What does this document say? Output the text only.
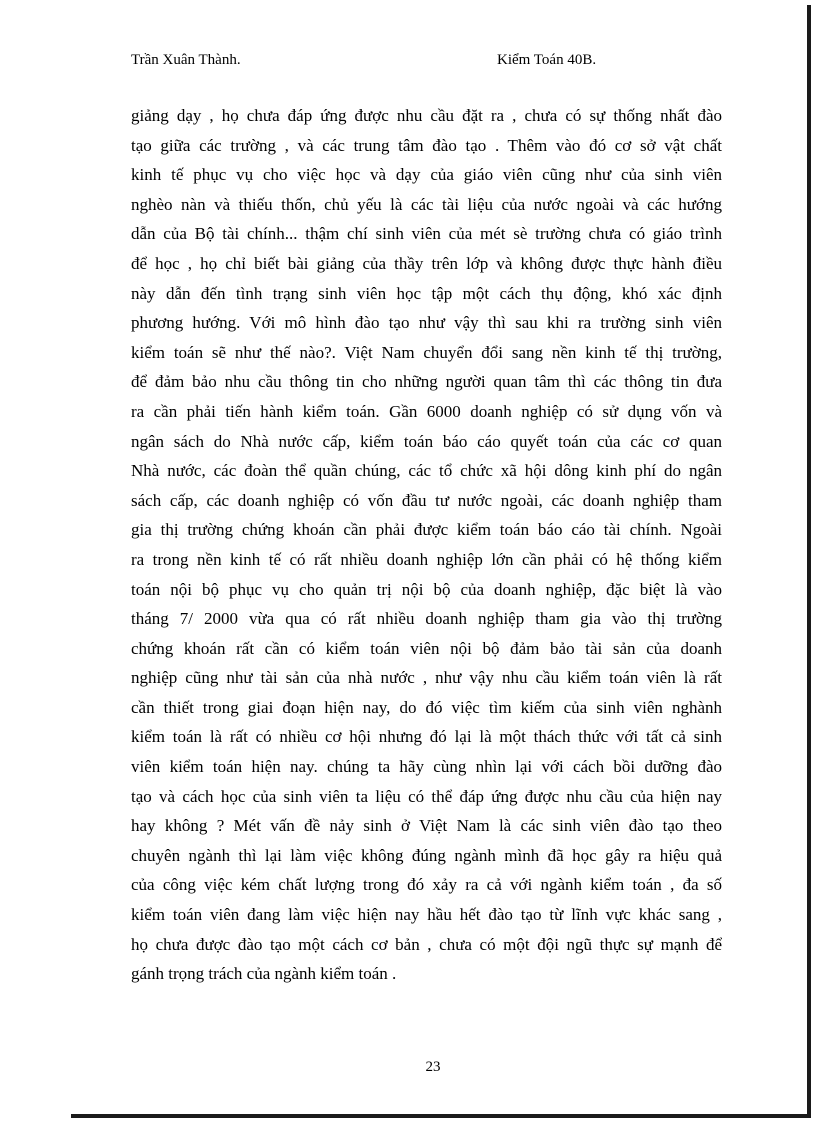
Trần Xuân Thành.	Kiểm Toán 40B.
giảng dạy , họ chưa đáp ứng được nhu cầu đặt ra , chưa có sự thống nhất đào
tạo giữa các trường , và các trung tâm đào tạo . Thêm vào đó cơ sở vật chất
kinh tế phục vụ cho việc học và dạy của giáo viên cũng như của sinh viên
nghèo nàn và thiếu thốn, chủ yếu là các tài liệu của nước ngoài và các hướng
dẫn của Bộ tài chính... thậm chí sinh viên của mét sè trường chưa có giáo trình
để học , họ chỉ biết bài giảng của thầy trên lớp và không được thực hành điều
này dẫn đến tình trạng sinh viên học tập một cách thụ động, khó xác định
phương hướng. Với mô hình đào tạo như vậy thì sau khi ra trường sinh viên
kiểm toán sẽ như thế nào?. Việt Nam chuyển đổi sang nền kinh tế thị trường,
để đảm bảo nhu cầu thông tin cho những người quan tâm thì các thông tin đưa
ra cần phải tiến hành kiểm toán. Gần 6000 doanh nghiệp có sử dụng vốn và
ngân sách do Nhà nước cấp, kiểm toán báo cáo quyết toán của các cơ quan
Nhà nước, các đoàn thể quần chúng, các tổ chức xã hội dông kinh phí do ngân
sách cấp, các doanh nghiệp có vốn đầu tư nước ngoài, các doanh nghiệp tham
gia thị trường chứng khoán cần phải được kiểm toán báo cáo tài chính. Ngoài
ra trong nền kinh tế có rất nhiều doanh nghiệp lớn cần phải có hệ thống kiểm
toán nội bộ phục vụ cho quản trị nội bộ của doanh nghiệp, đặc biệt là vào
tháng 7/ 2000 vừa qua có rất nhiều doanh nghiệp tham gia vào thị trường
chứng khoán rất cần có kiểm toán viên nội bộ đảm bảo tài sản của doanh
nghiệp cũng như tài sản của nhà nước , như vậy nhu cầu kiểm toán viên là rất
cần thiết trong giai đoạn hiện nay, do đó việc tìm kiếm của sinh viên nghành
kiểm toán là rất có nhiều cơ hội nhưng đó lại là một thách thức với tất cả sinh
viên kiểm toán hiện nay. chúng ta hãy cùng nhìn lại với cách bồi dưỡng đào
tạo và cách học của sinh viên ta liệu có thể đáp ứng được nhu cầu của hiện nay
hay không ? Mét vấn đề nảy sinh ở Việt Nam là các sinh viên đào tạo theo
chuyên ngành thì lại làm việc không đúng ngành mình đã học gây ra hiệu quả
của công việc kém chất lượng trong đó xảy ra cả với ngành kiểm toán , đa số
kiểm toán viên đang làm việc hiện nay hầu hết đào tạo từ lĩnh vực khác sang ,
họ chưa được đào tạo một cách cơ bản , chưa có một đội ngũ thực sự mạnh để
gánh trọng trách của ngành kiểm toán .
23
